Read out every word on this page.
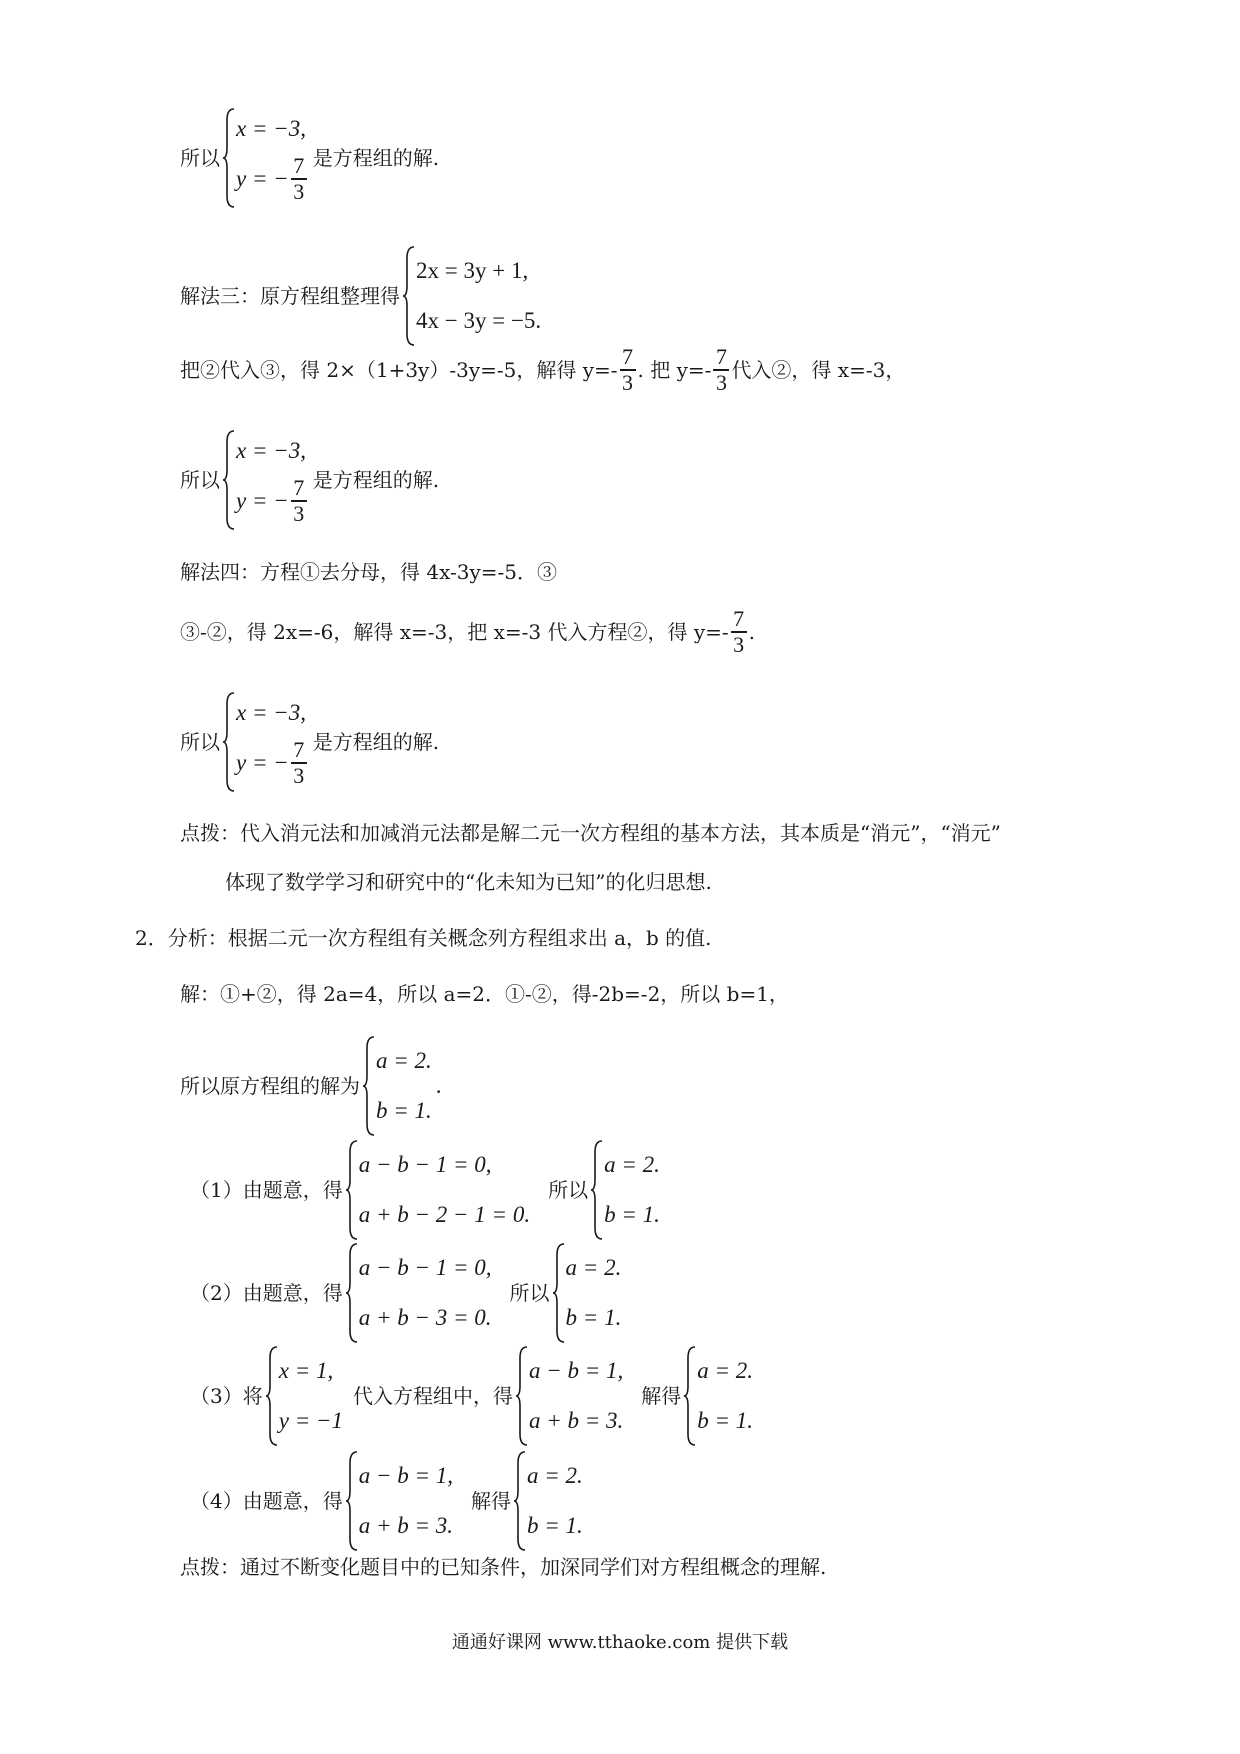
所以
x = −3,
y = − $\frac{7}{3}$ 是方程组的解.
解法三：原方程组整理得
2x = 3y + 1,
4x − 3y = −5.
把②代入③，得 2×（1+3y）-3y=-5，解得 $y=- \frac{7}{3}$ . 把 $y=- \frac{7}{3}$ 代入②，得 x=-3，
所以
x = −3,
y = − $\frac{7}{3}$ 是方程组的解.
解法四：方程①去分母，得 4x-3y=-5．③
③-②，得 2x=-6，解得 x=-3，把 x=-3 代入方程②，得 $y=- \frac{7}{3}$ .
所以
x = −3,
y = − $\frac{7}{3}$ 是方程组的解.
点拨：代入消元法和加减消元法都是解二元一次方程组的基本方法，其本质是“消元”，“消元”
体现了数学学习和研究中的“化未知为已知”的化归思想.
2．分析：根据二元一次方程组有关概念列方程组求出 a，b 的值.
解：①+②，得 2a=4，所以 a=2．①-②，得-2b=-2，所以 b=1，
所以原方程组的解为
a = 2.
b = 1.
.
（1）由题意，得
a − b − 1 = 0,
a + b − 2 − 1 = 0.
所以
a = 2.
b = 1.
（2）由题意，得
a − b − 1 = 0,
a + b − 3 = 0.
所以
a = 2.
b = 1.
（3）将
x = 1,
y = −1
代入方程组中，得
a − b = 1,
a + b = 3.
解得
a = 2.
b = 1.
（4）由题意，得
a − b = 1,
a + b = 3.
解得
a = 2.
b = 1.
点拨：通过不断变化题目中的已知条件，加深同学们对方程组概念的理解.
通通好课网 www.tthaoke.com 提供下载
